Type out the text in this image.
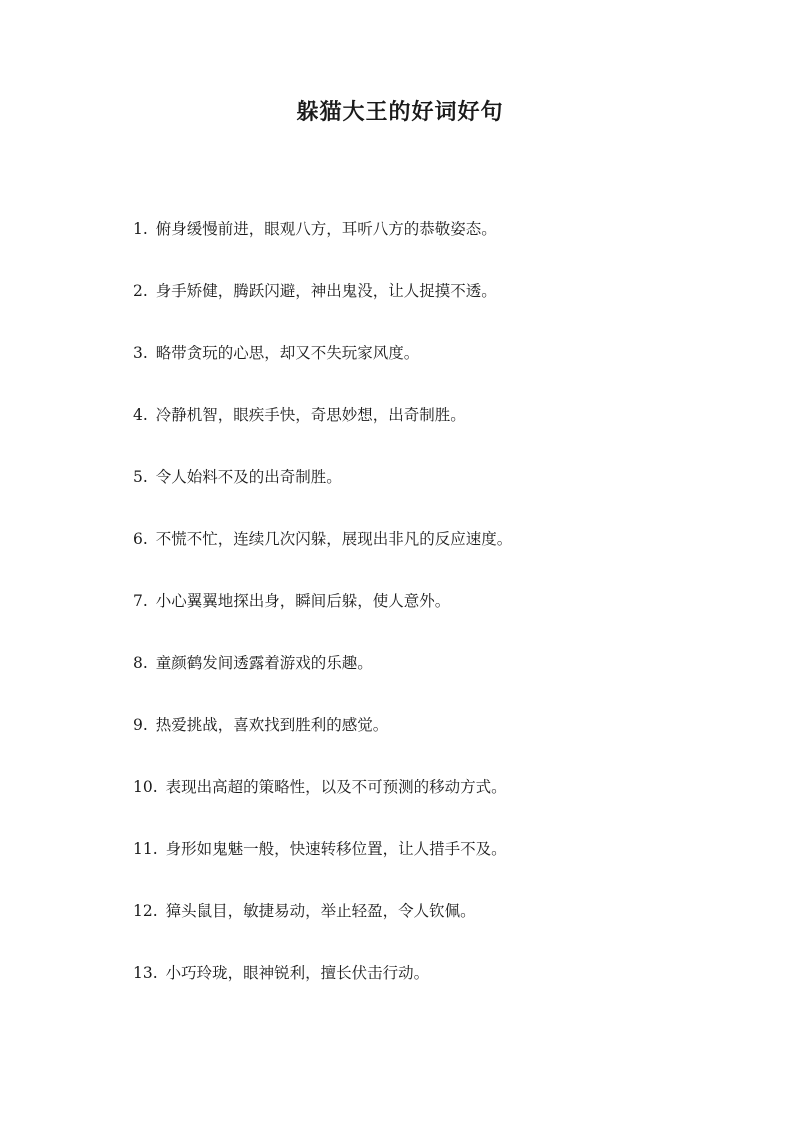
躲猫大王的好词好句
1. 俯身缓慢前进，眼观八方，耳听八方的恭敬姿态。
2. 身手矫健，腾跃闪避，神出鬼没，让人捉摸不透。
3. 略带贪玩的心思，却又不失玩家风度。
4. 冷静机智，眼疾手快，奇思妙想，出奇制胜。
5. 令人始料不及的出奇制胜。
6. 不慌不忙，连续几次闪躲，展现出非凡的反应速度。
7. 小心翼翼地探出身，瞬间后躲，使人意外。
8. 童颜鹤发间透露着游戏的乐趣。
9. 热爱挑战，喜欢找到胜利的感觉。
10. 表现出高超的策略性，以及不可预测的移动方式。
11. 身形如鬼魅一般，快速转移位置，让人措手不及。
12. 獐头鼠目，敏捷易动，举止轻盈，令人钦佩。
13. 小巧玲珑，眼神锐利，擅长伏击行动。
